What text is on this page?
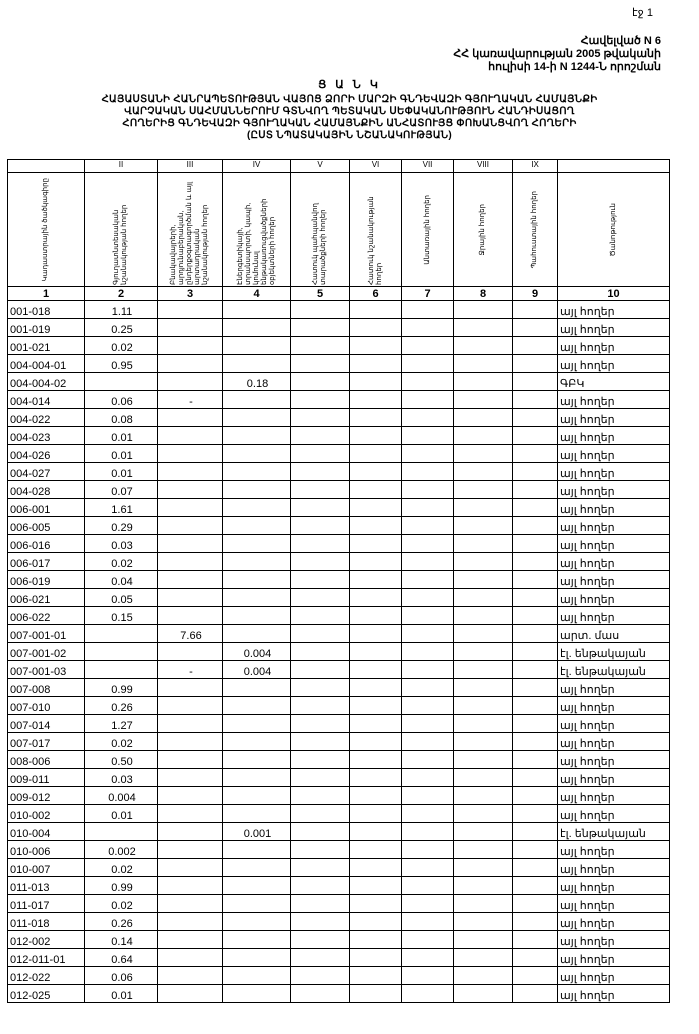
էջ 1
Հավելված N 6
ՀՀ կառավարության 2005 թվականի
հուլիսի 14-ի N 1244-Ն որոշման
Ց Ա Ն Կ
ՀԱՅԱՍՏԱՆԻ ՀԱՆՐԱՊԵՏՈՒԹՅԱՆ ՎԱՅՈՑ ՁՈՐԻ ՄԱՐԶԻ ԳՆԴԵՎԱԶԻ ԳՅՈՒՂԱԿԱՆ ՀԱՄԱՅՆՔԻ
ՎԱՐՉԱԿԱՆ ՍԱՀՄԱՆՆԵՐՈՒՄ ԳՏՆՎՈՂ ՊԵՏԱԿԱՆ ՍԵՓԱԿԱՆՈՒԹՅՈՒՆ ՀԱՆԴԻՍԱՑՈՂ
ՀՈՂԵՐԻՑ ԳՆԴԵՎԱԶԻ ԳՅՈՒՂԱԿԱՆ ՀԱՄԱՅՆՔԻՆ ԱՆՀԱՏՈՒՅՑ ՓՈԽԱՆՑՎՈՂ ՀՈՂԵՐԻ
(ԸՍՏ ՆՊԱՏԱԿԱՅԻՆ ՆՇԱՆԱԿՈՒԹՅԱՆ)
	II	III	IV	V	VI	VII	VIII	IX	

Կադաստրային ծածկագիրը	Գյուղատնտեսական նշանակության հողեր	Բնակավայրերի, արդյունաբերական, ընդերքօգտագործման և այլ արտադրական նշանակության հողեր	Էներգետիկայի, տրանսպորտի, կապի, կոմունալ ենթակառուցվածքների օբյեկտների հողեր	Հատուկ պահպանվող տարածքների հողեր	Հատուկ նշանակության հողեր	Անտառային հողեր	Ջրային հողեր	Պահուստային հողեր	Ծանոթություն

1	2	3	4	5	6	7	8	9	10
001-018	1.11								այլ հողեր
001-019	0.25								այլ հողեր
001-021	0.02								այլ հողեր
004-004-01	0.95								այլ հողեր
004-004-02			0.18						ԳԲԿ
004-014	0.06	-							այլ հողեր
004-022	0.08								այլ հողեր
004-023	0.01								այլ հողեր
004-026	0.01								այլ հողեր
004-027	0.01								այլ հողեր
004-028	0.07								այլ հողեր
006-001	1.61								այլ հողեր
006-005	0.29								այլ հողեր
006-016	0.03								այլ հողեր
006-017	0.02								այլ հողեր
006-019	0.04								այլ հողեր
006-021	0.05								այլ հողեր
006-022	0.15								այլ հողեր
007-001-01		7.66							արտ. մաս
007-001-02			0.004						էլ. ենթակայան
007-001-03		-	0.004						էլ. ենթակայան
007-008	0.99								այլ հողեր
007-010	0.26								այլ հողեր
007-014	1.27								այլ հողեր
007-017	0.02								այլ հողեր
008-006	0.50								այլ հողեր
009-011	0.03								այլ հողեր
009-012	0.004								այլ հողեր
010-002	0.01								այլ հողեր
010-004			0.001						էլ. ենթակայան
010-006	0.002								այլ հողեր
010-007	0.02								այլ հողեր
011-013	0.99								այլ հողեր
011-017	0.02								այլ հողեր
011-018	0.26								այլ հողեր
012-002	0.14								այլ հողեր
012-011-01	0.64								այլ հողեր
012-022	0.06								այլ հողեր
012-025	0.01								այլ հողեր
